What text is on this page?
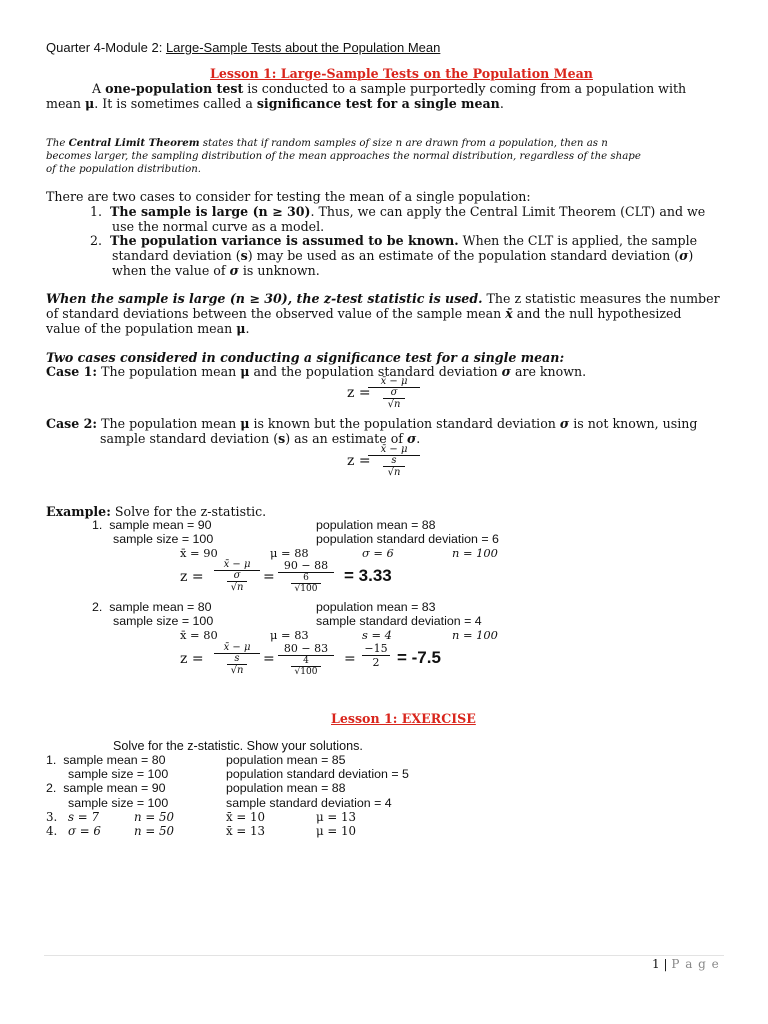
Quarter 4-Module 2: Large-Sample Tests about the Population Mean
Lesson 1: Large-Sample Tests on the Population Mean
A one-population test is conducted to a sample purportedly coming from a population with
mean μ. It is sometimes called a significance test for a single mean.
The Central Limit Theorem states that if random samples of size n are drawn from a population, then as n
becomes larger, the sampling distribution of the mean approaches the normal distribution, regardless of the shape
of the population distribution.
There are two cases to consider for testing the mean of a single population:
1. The sample is large (n ≥ 30). Thus, we can apply the Central Limit Theorem (CLT) and we
use the normal curve as a model.
2. The population variance is assumed to be known. When the CLT is applied, the sample
standard deviation (s) may be used as an estimate of the population standard deviation (σ)
when the value of σ is unknown.
When the sample is large (n ≥ 30), the z-test statistic is used. The z statistic measures the number
of standard deviations between the observed value of the sample mean x̄ and the null hypothesized
value of the population mean μ.
Two cases considered in conducting a significance test for a single mean:
Case 1: The population mean μ and the population standard deviation σ are known.
z =
x̄ − μ
σ
√n
Case 2: The population mean μ is known but the population standard deviation σ is not known, using
sample standard deviation (s) as an estimate of σ.
z =
x̄ − μ
s
√n
Example: Solve for the z-statistic.
1. sample mean = 90	population mean = 88
sample size = 100	population standard deviation = 6
x̄ = 90	μ = 88	σ = 6	n = 100
z = x̄ − μ
σ
√n = 90 − 88
6
√100 = 3.33
2. sample mean = 80	population mean = 83
sample size = 100	sample standard deviation = 4
x̄ = 80	μ = 83	s = 4	n = 100
z = x̄ − μ
s
√n = 80 − 83
4
$√100 = \frac{-15}{2} = -7.5$
Lesson 1: EXERCISE
Solve for the z-statistic. Show your solutions.
1. sample mean = 80	population mean = 85
sample size = 100	population standard deviation = 5
2. sample mean = 90	population mean = 88
sample size = 100	sample standard deviation = 4
3. s = 7	n = 50	x̄ = 10	μ = 13
4. σ = 6	n = 50	x̄ = 13	μ = 10
1 | P a g e
